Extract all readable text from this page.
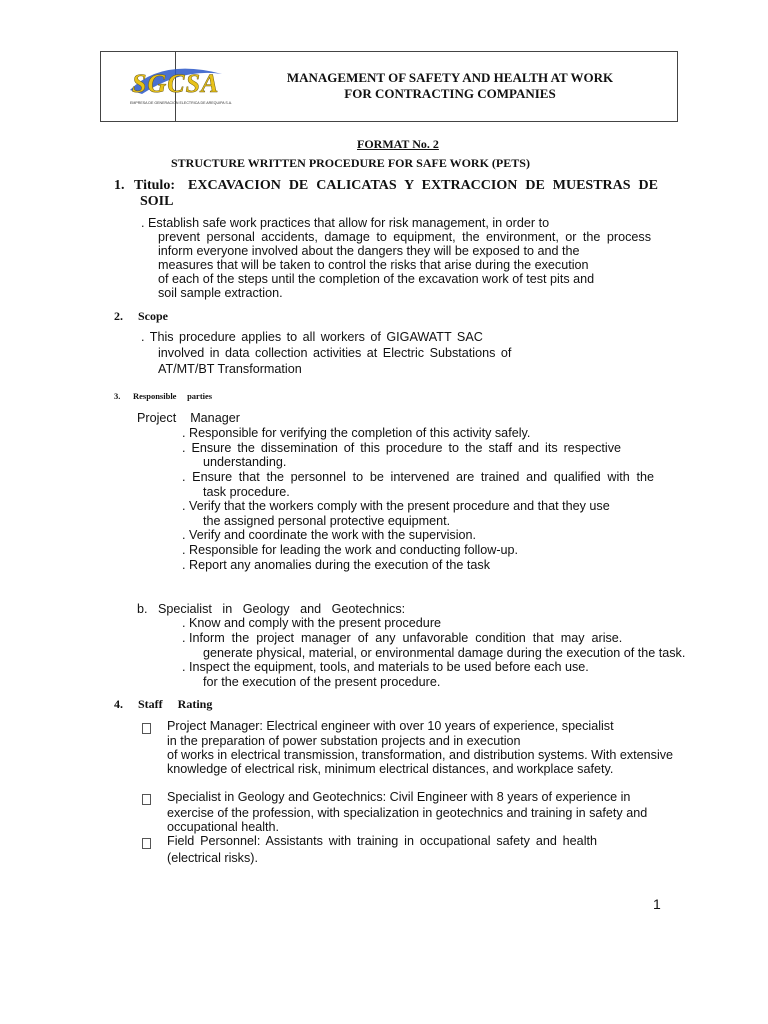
SGCSA
EMPRESA DE GENERACION ELECTRICA DE AREQUIPA S.A.
MANAGEMENT OF SAFETY AND HEALTH AT WORK
FOR CONTRACTING COMPANIES
FORMAT No. 2
STRUCTURE WRITTEN PROCEDURE FOR SAFE WORK (PETS)
1. Titulo: EXCAVACION DE CALICATAS Y EXTRACCION DE MUESTRAS DE
SOIL
. Establish safe work practices that allow for risk management, in order to
prevent personal accidents, damage to equipment, the environment, or the process
inform everyone involved about the dangers they will be exposed to and the
measures that will be taken to control the risks that arise during the execution
of each of the steps until the completion of the excavation work of test pits and
soil sample extraction.
2. Scope
. This procedure applies to all workers of GIGAWATT SAC
involved in data collection activities at Electric Substations of
AT/MT/BT Transformation
3. Responsible     parties
Project    Manager
. Responsible for verifying the completion of this activity safely.
. Ensure the dissemination of this procedure to the staff and its respective
understanding.
. Ensure that the personnel to be intervened are trained and qualified with the
task procedure.
. Verify that the workers comply with the present procedure and that they use
the assigned personal protective equipment.
. Verify and coordinate the work with the supervision.
. Responsible for leading the work and conducting follow-up.
. Report any anomalies during the execution of the task
b.   Specialist   in   Geology   and   Geotechnics:
. Know and comply with the present procedure
. Inform  the  project  manager  of  any  unfavorable  condition  that  may  arise.
generate physical, material, or environmental damage during the execution of the task.
. Inspect the equipment, tools, and materials to be used before each use.
for the execution of the present procedure.
4. Staff     Rating
Project Manager: Electrical engineer with over 10 years of experience, specialist
in the preparation of power substation projects and in execution
of works in electrical transmission, transformation, and distribution systems. With extensive
knowledge of electrical risk, minimum electrical distances, and workplace safety.
Specialist in Geology and Geotechnics: Civil Engineer with 8 years of experience in
exercise of the profession, with specialization in geotechnics and training in safety and
occupational health.
Field Personnel: Assistants with training in occupational safety and health
(electrical risks).
1
